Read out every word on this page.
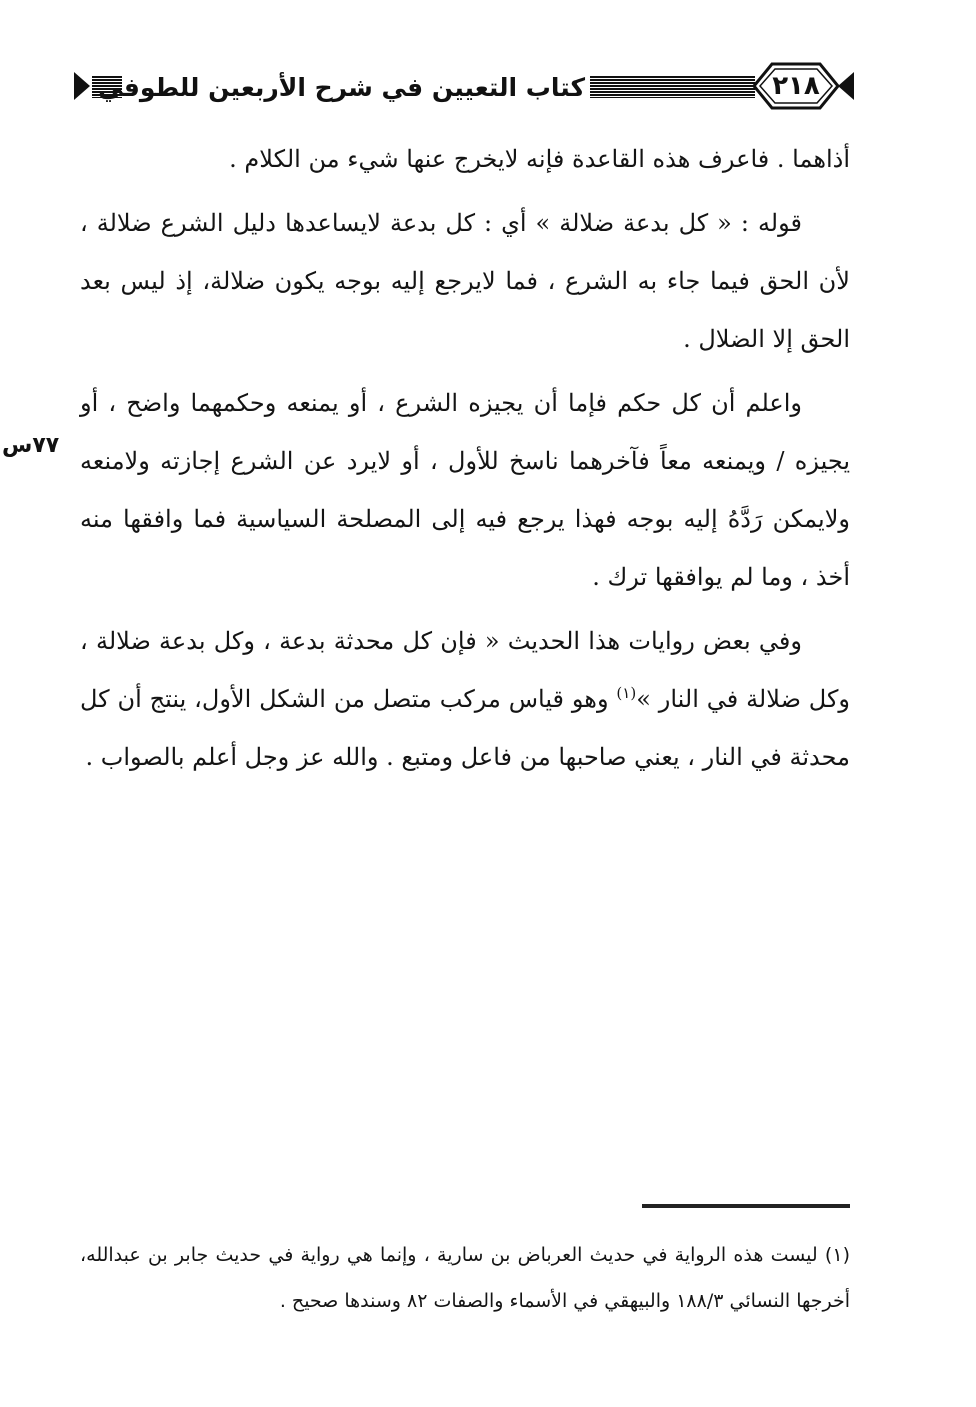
كتاب التعيين في شرح الأربعين للطوفي	٢١٨
٧٧س

أذاهما . فاعرف هذه القاعدة فإنه لايخرج عنها شيء من الكلام .

قوله : « كل بدعة ضلالة » أي : كل بدعة لايساعدها دليل الشرع ضلالة ، لأن الحق فيما جاء به الشرع ، فما لايرجع إليه بوجه يكون ضلالة، إذ ليس بعد الحق إلا الضلال .

واعلم أن كل حكم فإما أن يجيزه الشرع ، أو يمنعه وحكمهما واضح ، أو يجيزه / ويمنعه معاً فآخرهما ناسخ للأول ، أو لايرد عن الشرع إجازته ولامنعه ولايمكن رَدَّهُ إليه بوجه فهذا يرجع فيه إلى المصلحة السياسية فما وافقها منه أخذ ، وما لم يوافقها ترك .

وفي بعض روايات هذا الحديث « فإن كل محدثة بدعة ، وكل بدعة ضلالة ، وكل ضلالة في النار »$^{(١)}$ وهو قياس مركب متصل من الشكل الأول، ينتج أن كل محدثة في النار ، يعني صاحبها من فاعل ومتبع . والله عز وجل أعلم بالصواب .

(١) ليست هذه الرواية في حديث العرباض بن سارية ، وإنما هي رواية في حديث جابر بن عبدالله، أخرجها النسائي ١٨٨/٣ والبيهقي في الأسماء والصفات ٨٢ وسندها صحيح .
